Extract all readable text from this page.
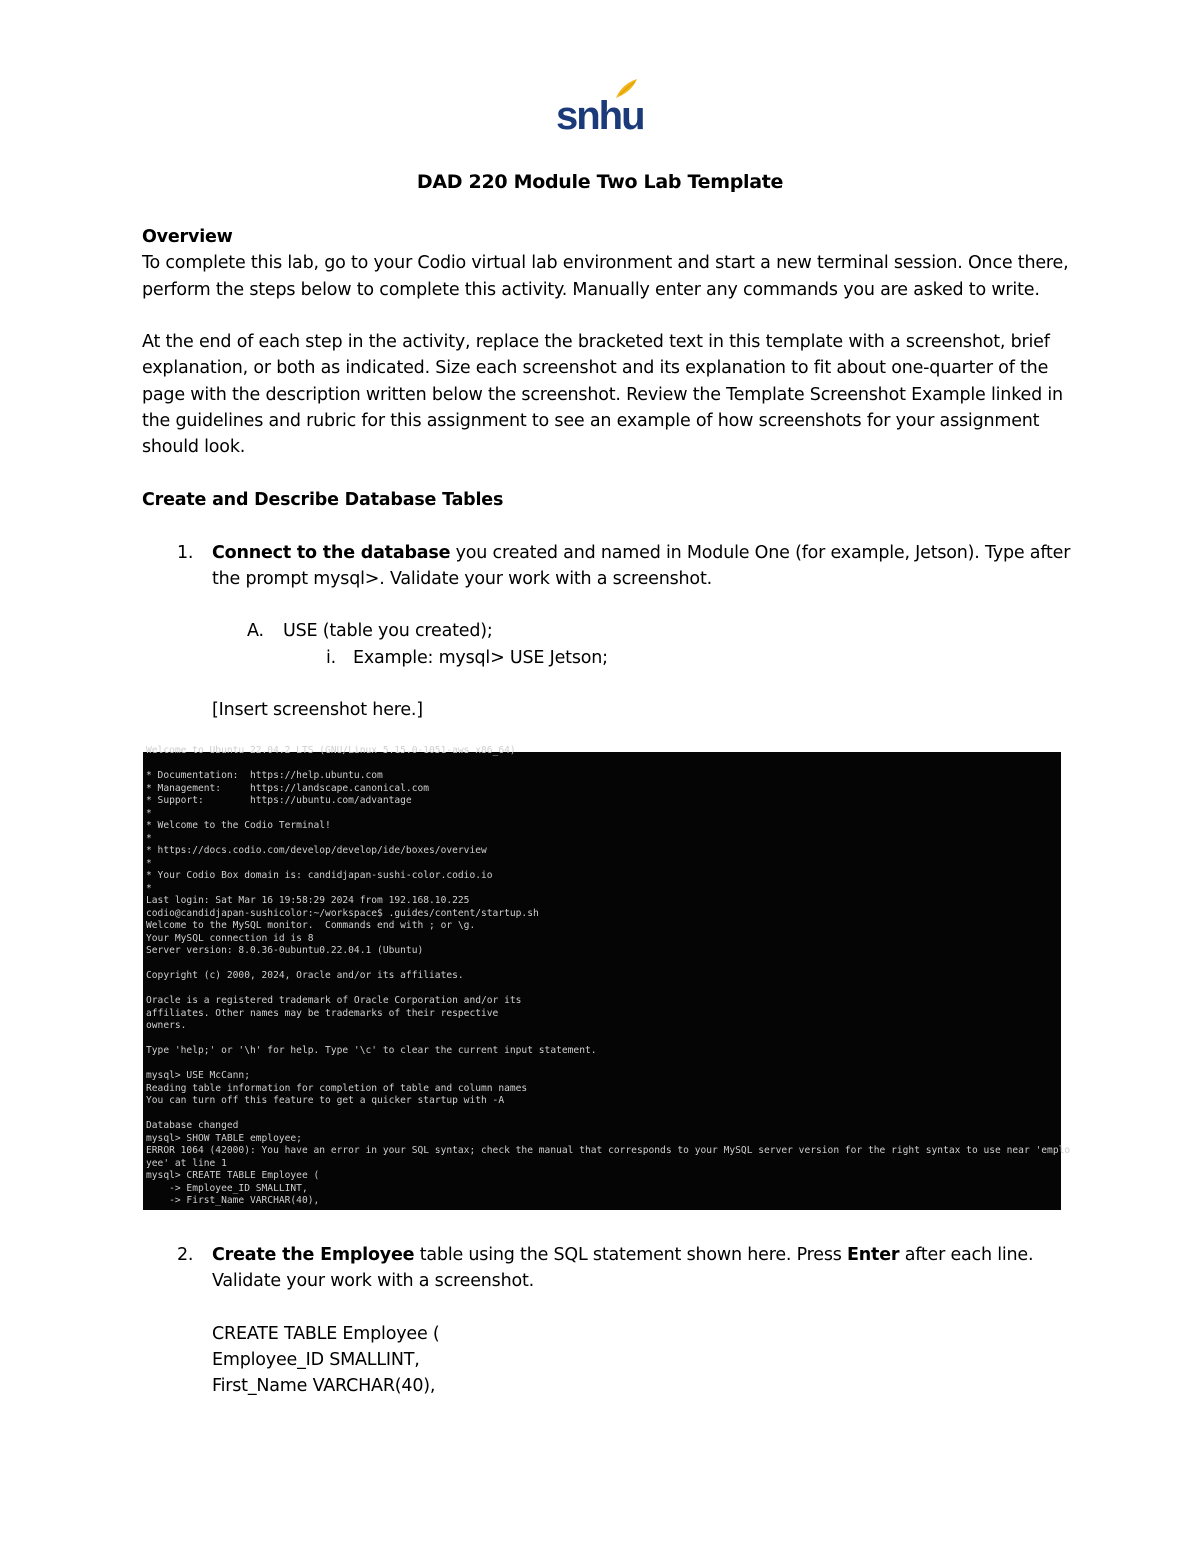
snhu
DAD 220 Module Two Lab Template

Overview

To complete this lab, go to your Codio virtual lab environment and start a new terminal session. Once there, perform the steps below to complete this activity. Manually enter any commands you are asked to write.

At the end of each step in the activity, replace the bracketed text in this template with a screenshot, brief explanation, or both as indicated. Size each screenshot and its explanation to fit about one-quarter of the page with the description written below the screenshot. Review the Template Screenshot Example linked in the guidelines and rubric for this assignment to see an example of how screenshots for your assignment should look.

Create and Describe Database Tables

1. Connect to the database you created and named in Module One (for example, Jetson). Type after the prompt mysql>. Validate your work with a screenshot.
A. USE (table you created);
i. Example: mysql> USE Jetson;

[Insert screenshot here.]

Welcome to Ubuntu 22.04.2 LTS (GNU/Linux 5.15.0-1051-aws x86_64)
* Documentation:  https://help.ubuntu.com
* Management:     https://landscape.canonical.com
* Support:        https://ubuntu.com/advantage
*
* Welcome to the Codio Terminal!
*
* https://docs.codio.com/develop/develop/ide/boxes/overview
*
* Your Codio Box domain is: candidjapan-sushi-color.codio.io
*
Last login: Sat Mar 16 19:58:29 2024 from 192.168.10.225
codio@candidjapan-sushicolor:~/workspace$ .guides/content/startup.sh
Welcome to the MySQL monitor.  Commands end with ; or \g.
Your MySQL connection id is 8
Server version: 8.0.36-0ubuntu0.22.04.1 (Ubuntu)
Copyright (c) 2000, 2024, Oracle and/or its affiliates.
Oracle is a registered trademark of Oracle Corporation and/or its
affiliates. Other names may be trademarks of their respective
owners.
Type 'help;' or '\h' for help. Type '\c' to clear the current input statement.
mysql> USE McCann;
Reading table information for completion of table and column names
You can turn off this feature to get a quicker startup with -A
Database changed
mysql> SHOW TABLE employee;
ERROR 1064 (42000): You have an error in your SQL syntax; check the manual that corresponds to your MySQL server version for the right syntax to use near 'emplo
yee' at line 1
mysql> CREATE TABLE Employee (
-> Employee_ID SMALLINT,
-> First_Name VARCHAR(40),
2. Create the Employee table using the SQL statement shown here. Press Enter after each line. Validate your work with a screenshot.

CREATE TABLE Employee (

Employee_ID SMALLINT,

First_Name VARCHAR(40),
